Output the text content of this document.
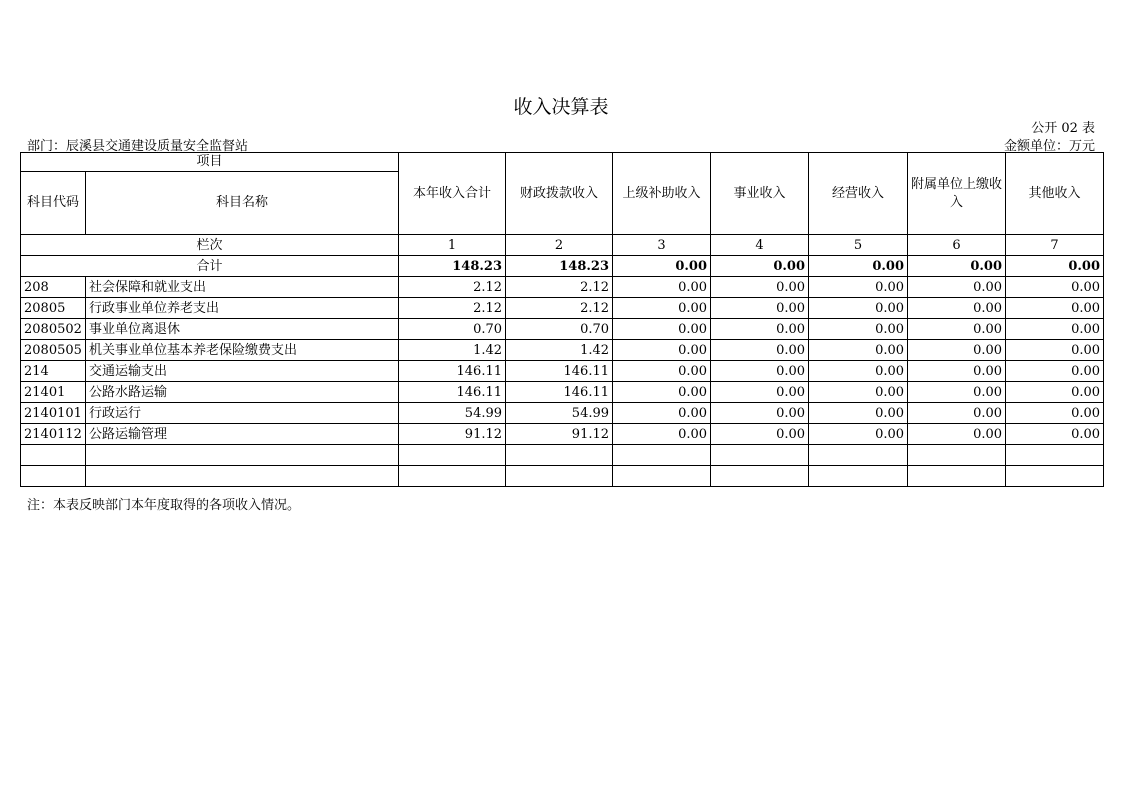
收入决算表
公开 02 表
部门：辰溪县交通建设质量安全监督站	金额单位：万元
项目		本年收入合计	财政拨款收入	上级补助收入	事业收入	经营收入	附属单位上缴收入	其他收入
科目代码	科目名称							
栏次		1	2	3	4	5	6	7
合计		148.23	148.23	0.00	0.00	0.00	0.00	0.00
208	社会保障和就业支出	2.12	2.12	0.00	0.00	0.00	0.00	0.00
20805	行政事业单位养老支出	2.12	2.12	0.00	0.00	0.00	0.00	0.00
2080502	事业单位离退休	0.70	0.70	0.00	0.00	0.00	0.00	0.00
2080505	机关事业单位基本养老保险缴费支出	1.42	1.42	0.00	0.00	0.00	0.00	0.00
214	交通运输支出	146.11	146.11	0.00	0.00	0.00	0.00	0.00
21401	公路水路运输	146.11	146.11	0.00	0.00	0.00	0.00	0.00
2140101	行政运行	54.99	54.99	0.00	0.00	0.00	0.00	0.00
2140112	公路运输管理	91.12	91.12	0.00	0.00	0.00	0.00	0.00

注：本表反映部门本年度取得的各项收入情况。
